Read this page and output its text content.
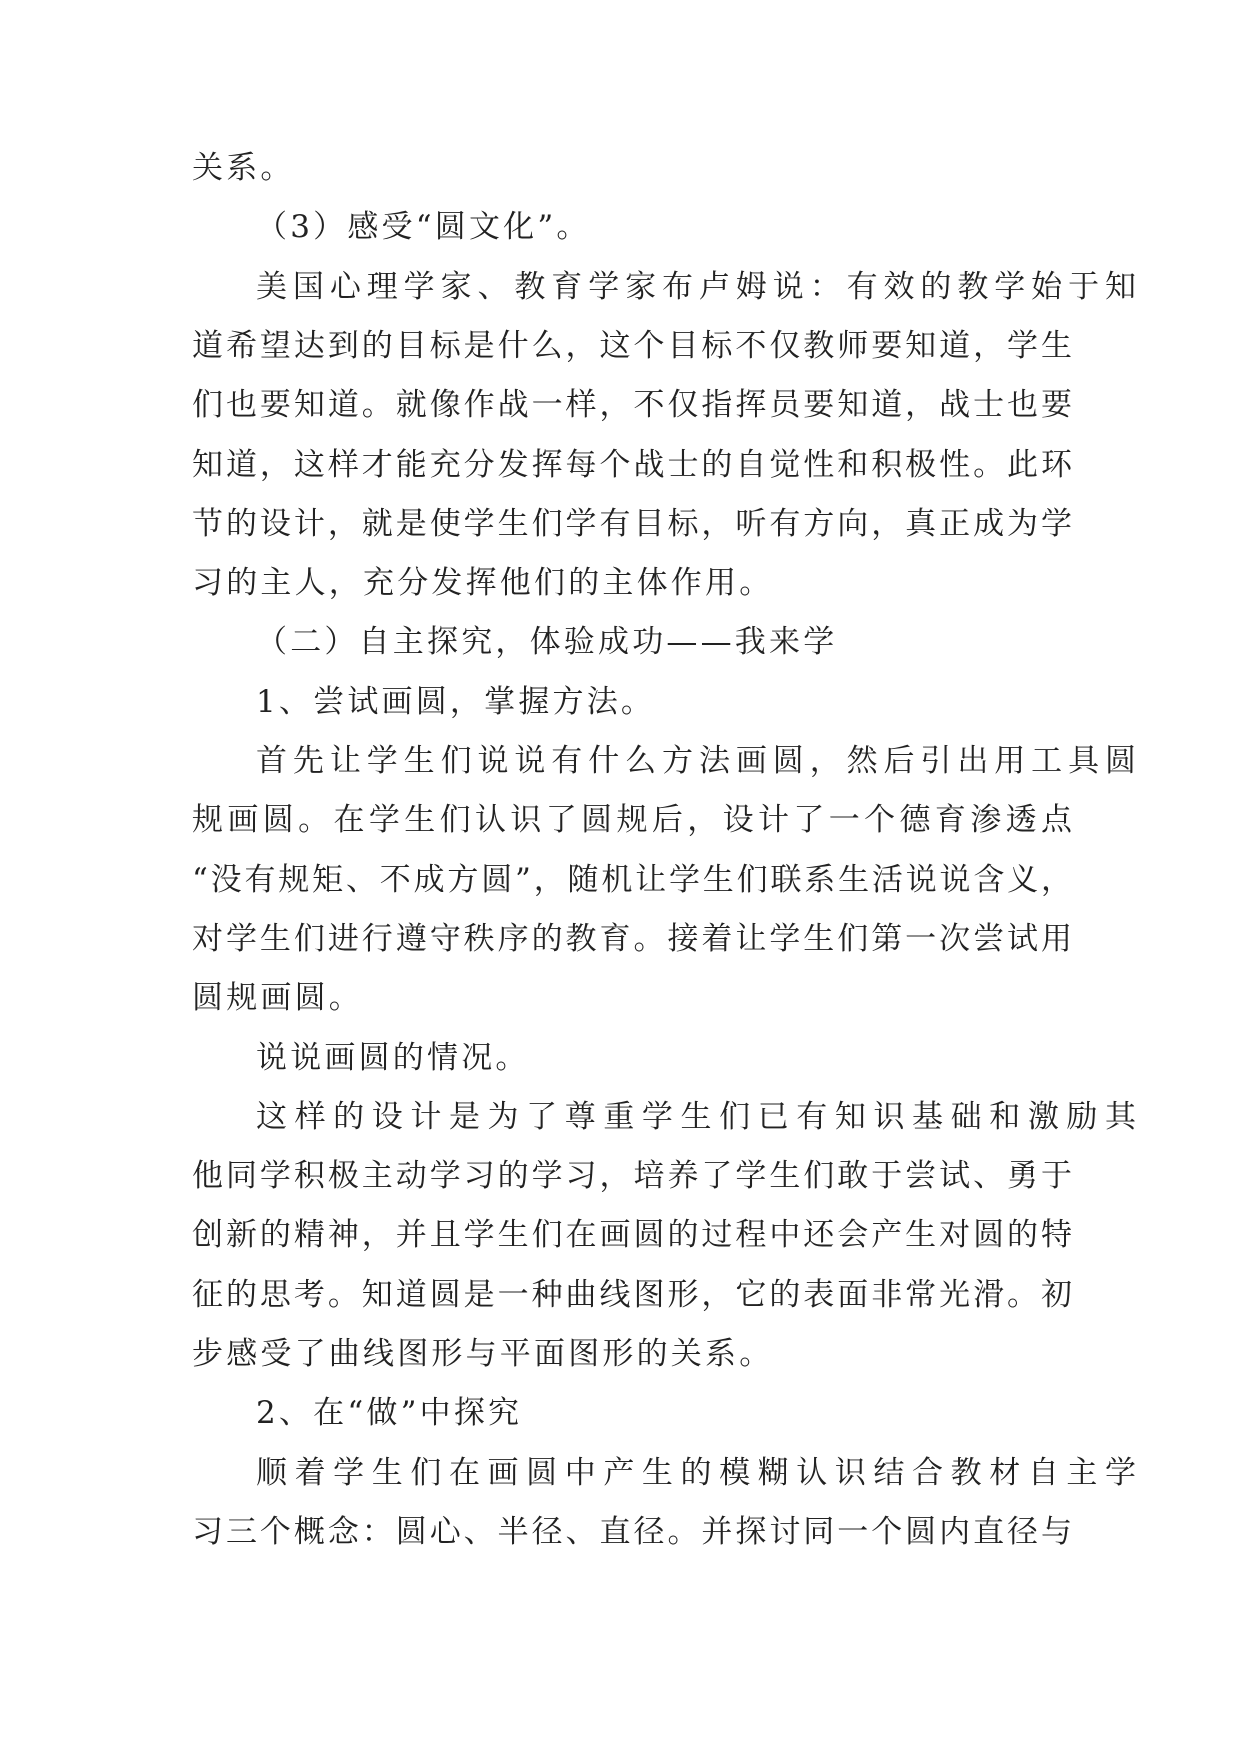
关系。
（3）感受“圆文化”。
美国心理学家、教育学家布卢姆说：有效的教学始于知
道希望达到的目标是什么，这个目标不仅教师要知道，学生
们也要知道。就像作战一样，不仅指挥员要知道，战士也要
知道，这样才能充分发挥每个战士的自觉性和积极性。此环
节的设计，就是使学生们学有目标，听有方向，真正成为学
习的主人，充分发挥他们的主体作用。
（二）自主探究，体验成功——我来学
1、尝试画圆，掌握方法。
首先让学生们说说有什么方法画圆，然后引出用工具圆
规画圆。在学生们认识了圆规后，设计了一个德育渗透点
“没有规矩、不成方圆”，随机让学生们联系生活说说含义，
对学生们进行遵守秩序的教育。接着让学生们第一次尝试用
圆规画圆。
说说画圆的情况。
这样的设计是为了尊重学生们已有知识基础和激励其
他同学积极主动学习的学习，培养了学生们敢于尝试、勇于
创新的精神，并且学生们在画圆的过程中还会产生对圆的特
征的思考。知道圆是一种曲线图形，它的表面非常光滑。初
步感受了曲线图形与平面图形的关系。
2、在“做”中探究
顺着学生们在画圆中产生的模糊认识结合教材自主学
习三个概念：圆心、半径、直径。并探讨同一个圆内直径与
